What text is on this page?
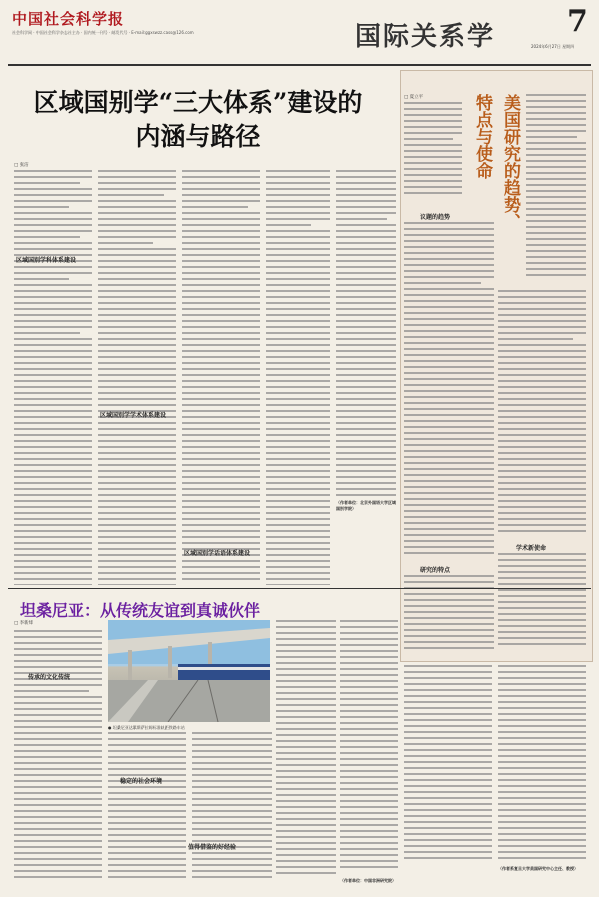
中国社会科学报
社会科学网 · 中国社会科学杂志社主办 · 国内统一刊号 · 邮发代号 · E-mail:ggxswzz.cass@126.com	国际关系学 7
2024年6月27日 星期四
区域国别学“三大体系”建设的
内涵与路径
□ 张洁
区域国别学科体系建设
区域国别学学术体系建设
区域国别学话语体系建设
（作者单位：北京外国语大学区域国别学院）
美国研究的趋势、
特点与使命
□ 夏立平
议题的趋势
研究的特点
学术新使命
（作者系复旦大学美国研究中心主任、教授）
坦桑尼亚：从传统友谊到真诚伙伴
□ 李新烽
传承的文化传统
● 坦桑尼亚达累斯萨拉姆标准轨距铁路车站
稳定的社会环境
值得借鉴的好经验
（作者单位：中国非洲研究院）
